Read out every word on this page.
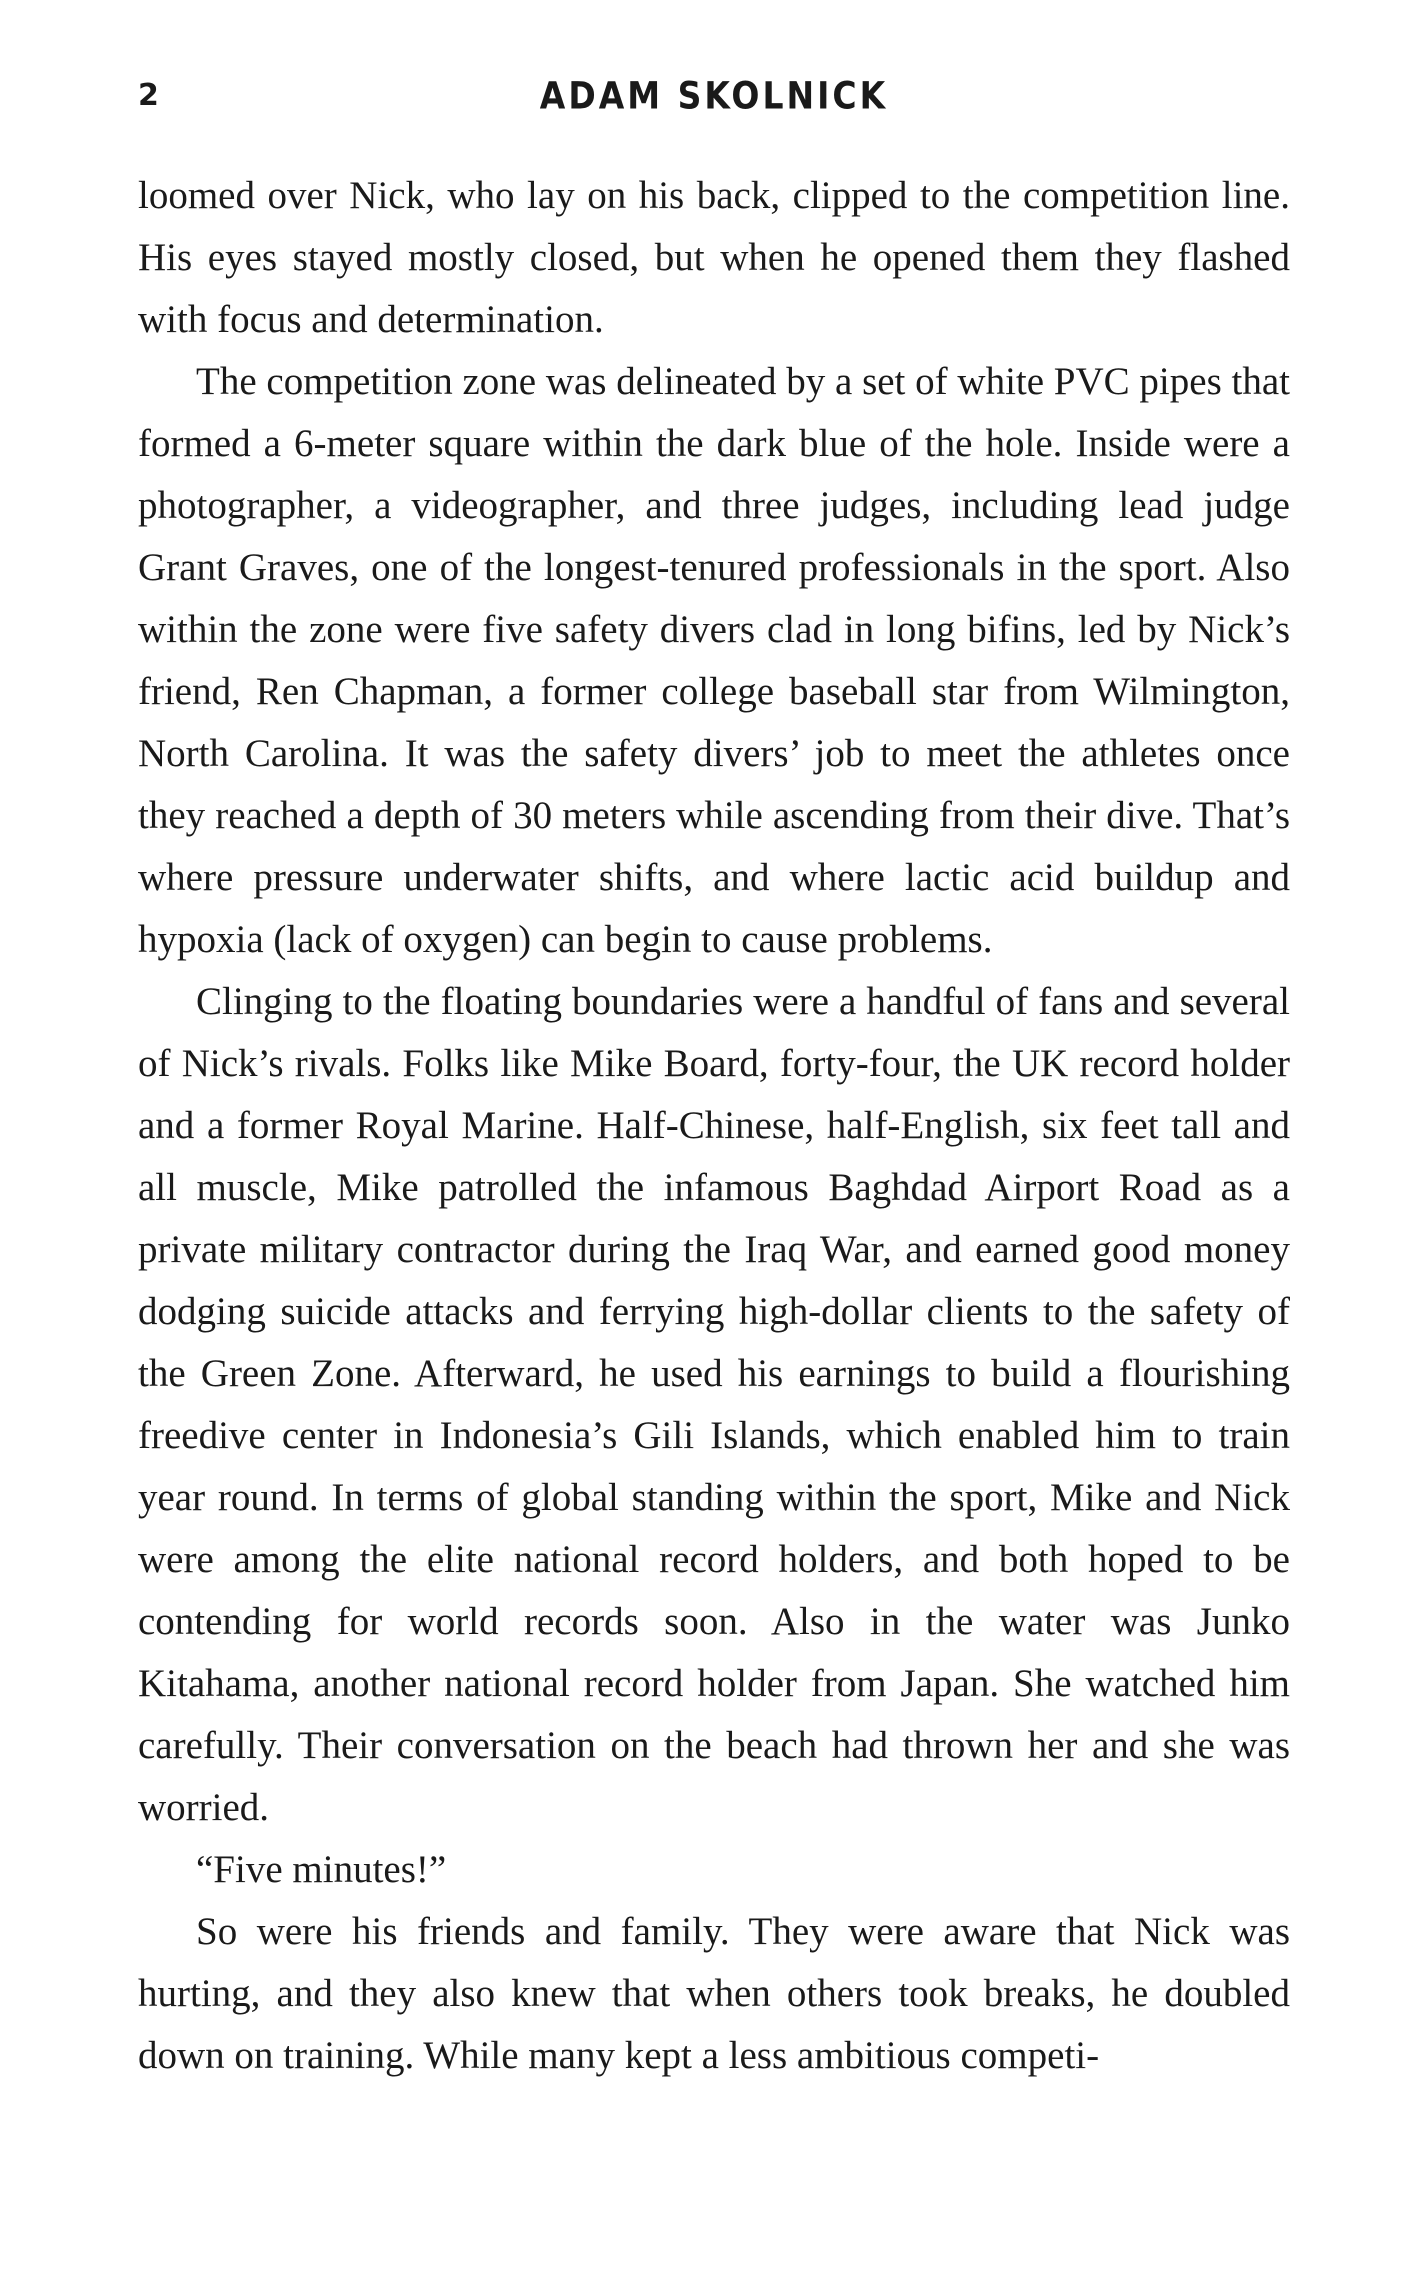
2	ADAM SKOLNICK

loomed over Nick, who lay on his back, clipped to the competition line. His eyes stayed mostly closed, but when he opened them they flashed with focus and determination.

The competition zone was delineated by a set of white PVC pipes that formed a 6-meter square within the dark blue of the hole. Inside were a photographer, a videographer, and three judges, including lead judge Grant Graves, one of the longest-tenured professionals in the sport. Also within the zone were five safety divers clad in long bifins, led by Nick’s friend, Ren Chapman, a former college baseball star from Wilmington, North Carolina. It was the safety divers’ job to meet the athletes once they reached a depth of 30 meters while ascending from their dive. That’s where pressure underwater shifts, and where lactic acid buildup and hypoxia (lack of oxygen) can begin to cause problems.

Clinging to the floating boundaries were a handful of fans and several of Nick’s rivals. Folks like Mike Board, forty-four, the UK record holder and a former Royal Marine. Half-Chinese, half-English, six feet tall and all muscle, Mike patrolled the infamous Baghdad Airport Road as a private military contractor during the Iraq War, and earned good money dodging suicide attacks and ferrying high-dollar clients to the safety of the Green Zone. Afterward, he used his earnings to build a flourishing freedive center in Indonesia’s Gili Islands, which enabled him to train year round. In terms of global standing within the sport, Mike and Nick were among the elite national record holders, and both hoped to be contending for world records soon. Also in the water was Junko Kitahama, another national record holder from Japan. She watched him carefully. Their conversation on the beach had thrown her and she was worried.

“Five minutes!”

So were his friends and family. They were aware that Nick was hurting, and they also knew that when others took breaks, he doubled down on training. While many kept a less ambitious competi-
